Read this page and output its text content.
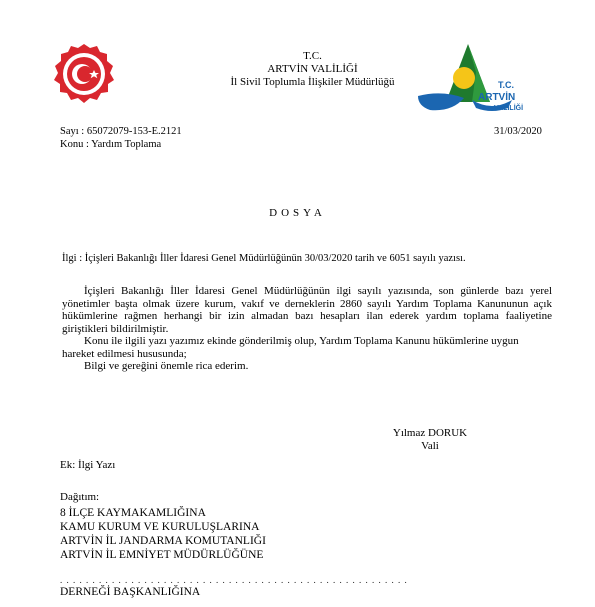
T.C.
ARTVİN VALİLİĞİ
İl Sivil Toplumla İlişkiler Müdürlüğü	T.C.
ARTVİN
VALİLİĞİ
Sayı : 65072079-153-E.2121	31/03/2020
Konu : Yardım Toplama
DOSYA
İlgi : İçişleri Bakanlığı İller İdaresi Genel Müdürlüğünün 30/03/2020 tarih ve 6051 sayılı yazısı.

İçişleri Bakanlığı İller İdaresi Genel Müdürlüğünün ilgi sayılı yazısında, son günlerde bazı yerel yönetimler başta olmak üzere kurum, vakıf ve derneklerin 2860 sayılı Yardım Toplama Kanununun açık hükümlerine rağmen herhangi bir izin almadan bazı hesapları ilan ederek yardım toplama faaliyetine giriştikleri bildirilmiştir.

Konu ile ilgili yazı yazımız ekinde gönderilmiş olup, Yardım Toplama Kanunu hükümlerine uygun hareket edilmesi hususunda;

Bilgi ve gereğini önemle rica ederim.

Yılmaz DORUK
Vali
Ek: İlgi Yazı
Dağıtım:
8 İLÇE KAYMAKAMLIĞINA
KAMU KURUM VE KURULUŞLARINA
ARTVİN İL JANDARMA KOMUTANLIĞI
ARTVİN İL EMNİYET MÜDÜRLÜĞÜNE
. . . . . . . . . . . . . . . . . . . . . . . . . . . . . . . . . . . . . . . . . . . . . . . . . . . . . .
DERNEĞİ BAŞKANLIĞINA
